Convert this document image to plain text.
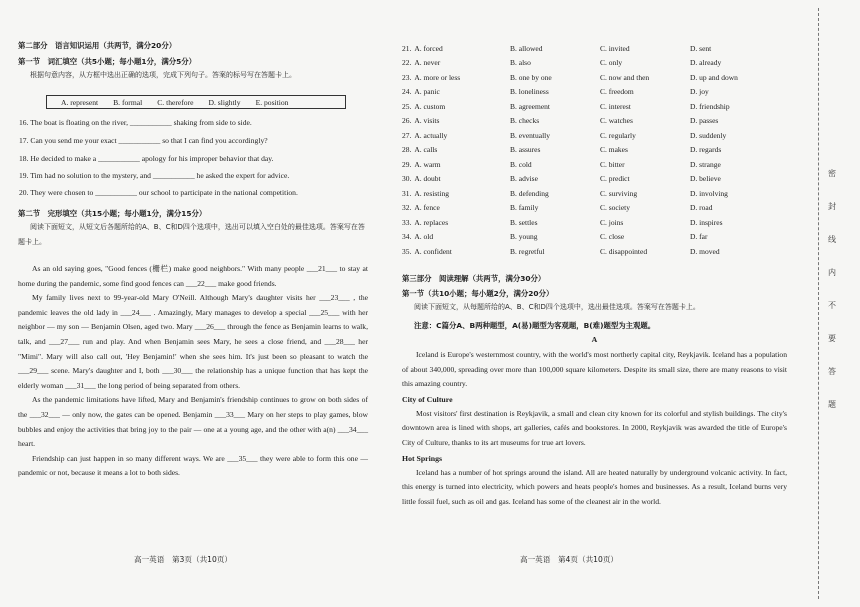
第二部分　语言知识运用（共两节，满分20分）
第一节　词汇填空（共5小题；每小题1分，满分5分）
根据句意内容，从方框中选出正确的选项，完成下列句子。答案的标号写在答题卡上。
A. represent B. formal C. therefore D. slightly E. position
16. The boat is floating on the river, ___________ shaking from side to side.
17. Can you send me your exact ___________ so that I can find you accordingly?
18. He decided to make a ___________ apology for his improper behavior that day.
19. Tim had no solution to the mystery, and ___________ he asked the expert for advice.
20. They were chosen to ___________ our school to participate in the national competition.
第二节　完形填空（共15小题；每小题1分，满分15分）
阅读下面短文，从短文后各题所给的A、B、C和D四个选项中，选出可以填入空白处的最佳选项。答案写在答题卡上。

As an old saying goes, "Good fences (栅栏) make good neighbors." With many people ___21___ to stay at home during the pandemic, some find good fences can ___22___ make good friends.

My family lives next to 99-year-old Mary O'Neill. Although Mary's daughter visits her ___23___ , the pandemic leaves the old lady in ___24___ . Amazingly, Mary manages to develop a special ___25___ with her neighbor — my son — Benjamin Olsen, aged two. Mary ___26___ through the fence as Benjamin learns to walk, talk, and ___27___ run and play. And when Benjamin sees Mary, he sees a close friend, and ___28___ her "Mimi". Mary will also call out, 'Hey Benjamin!' when she sees him. It's just been so pleasant to watch the ___29___ scene. Mary's daughter and I, both ___30___ the relationship has a unique function that has kept the elderly woman ___31___ the long period of being separated from others.

As the pandemic limitations have lifted, Mary and Benjamin's friendship continues to grow on both sides of the ___32___ — only now, the gates can be opened. Benjamin ___33___ Mary on her steps to play games, blow bubbles and enjoy the activities that bring joy to the pair — one at a young age, and the other with a(n) ___34___ heart.

Friendship can just happen in so many different ways. We are ___35___ they were able to form this one — pandemic or not, because it means a lot to both sides.

高一英语　第3页（共10页）
21. A. forced	B. allowed	C. invited	D. sent
22. A. never	B. also	C. only	D. already
23. A. more or less	B. one by one	C. now and then	D. up and down
24. A. panic	B. loneliness	C. freedom	D. joy
25. A. custom	B. agreement	C. interest	D. friendship
26. A. visits	B. checks	C. watches	D. passes
27. A. actually	B. eventually	C. regularly	D. suddenly
28. A. calls	B. assures	C. makes	D. regards
29. A. warm	B. cold	C. bitter	D. strange
30. A. doubt	B. advise	C. predict	D. believe
31. A. resisting	B. defending	C. surviving	D. involving
32. A. fence	B. family	C. society	D. road
33. A. replaces	B. settles	C. joins	D. inspires
34. A. old	B. young	C. close	D. far
35. A. confident	B. regretful	C. disappointed	D. moved
第三部分　阅读理解（共两节，满分30分）
第一节（共10小题；每小题2分，满分20分）
阅读下面短文，从每题所给的A、B、C和D四个选项中，选出最佳选项。答案写在答题卡上。
注意：C篇分A、B两种题型，A(易)题型为客观题，B(难)题型为主观题。
A

Iceland is Europe's westernmost country, with the world's most northerly capital city, Reykjavik. Iceland has a population of about 340,000, spreading over more than 100,000 square kilometers. Despite its small size, there are many reasons to visit this amazing country.

City of Culture

Most visitors' first destination is Reykjavik, a small and clean city known for its colorful and stylish buildings. The city's downtown area is lined with shops, art galleries, cafés and bookstores. In 2000, Reykjavik was awarded the title of Europe's City of Culture, thanks to its art museums for true art lovers.

Hot Springs

Iceland has a number of hot springs around the island. All are heated naturally by underground volcanic activity. In fact, this energy is turned into electricity, which powers and heats people's homes and businesses. As a result, Iceland burns very little fossil fuel, such as oil and gas. Iceland has some of the cleanest air in the world.

高一英语　第4页（共10页）
密
封
线
内
不
要
答
题
